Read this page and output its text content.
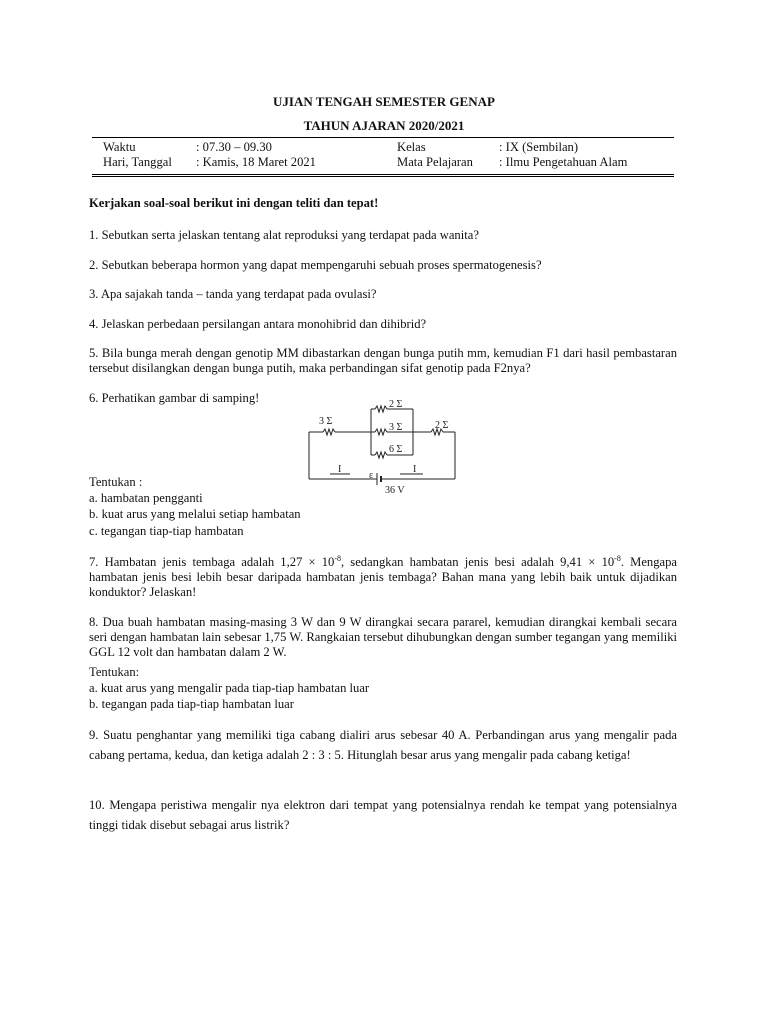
UJIAN TENGAH SEMESTER GENAP
TAHUN AJARAN 2020/2021
Waktu	: 07.30 – 09.30	Kelas	: IX (Sembilan)
Hari, Tanggal : Kamis, 18 Maret 2021	Mata Pelajaran : Ilmu Pengetahuan Alam
Kerjakan soal-soal berikut ini dengan teliti dan tepat!
1. Sebutkan serta jelaskan tentang alat reproduksi yang terdapat pada wanita?
2. Sebutkan beberapa hormon yang dapat mempengaruhi sebuah proses spermatogenesis?
3. Apa sajakah tanda – tanda yang terdapat pada ovulasi?
4. Jelaskan perbedaan persilangan antara monohibrid dan dihibrid?
5. Bila bunga merah dengan genotip MM dibastarkan dengan bunga putih mm, kemudian F1 dari hasil pembastaran tersebut disilangkan dengan bunga putih, maka perbandingan sifat genotip pada F2nya?
6. Perhatikan gambar di samping!
3 Σ
2 Σ
3 Σ
6 Σ
2 Σ
I	I
ε
36 V
Tentukan :
a. hambatan pengganti
b. kuat arus yang melalui setiap hambatan
c. tegangan tiap-tiap hambatan
7. Hambatan jenis tembaga adalah $1,27 \times 10^{-8}$, sedangkan hambatan jenis besi adalah $9,41 \times 10^{-8}$. Mengapa hambatan jenis besi lebih besar daripada hambatan jenis tembaga? Bahan mana yang lebih baik untuk dijadikan konduktor? Jelaskan!
8. Dua buah hambatan masing-masing 3 W dan 9 W dirangkai secara pararel, kemudian dirangkai kembali secara seri dengan hambatan lain sebesar 1,75 W. Rangkaian tersebut dihubungkan dengan sumber tegangan yang memiliki GGL 12 volt dan hambatan dalam 2 W.
Tentukan:
a. kuat arus yang mengalir pada tiap-tiap hambatan luar
b. tegangan pada tiap-tiap hambatan luar
9. Suatu penghantar yang memiliki tiga cabang dialiri arus sebesar 40 A. Perbandingan arus yang mengalir pada cabang pertama, kedua, dan ketiga adalah 2 : 3 : 5. Hitunglah besar arus yang mengalir pada cabang ketiga!
10. Mengapa peristiwa mengalir nya elektron dari tempat yang potensialnya rendah ke tempat yang potensialnya tinggi tidak disebut sebagai arus listrik?
